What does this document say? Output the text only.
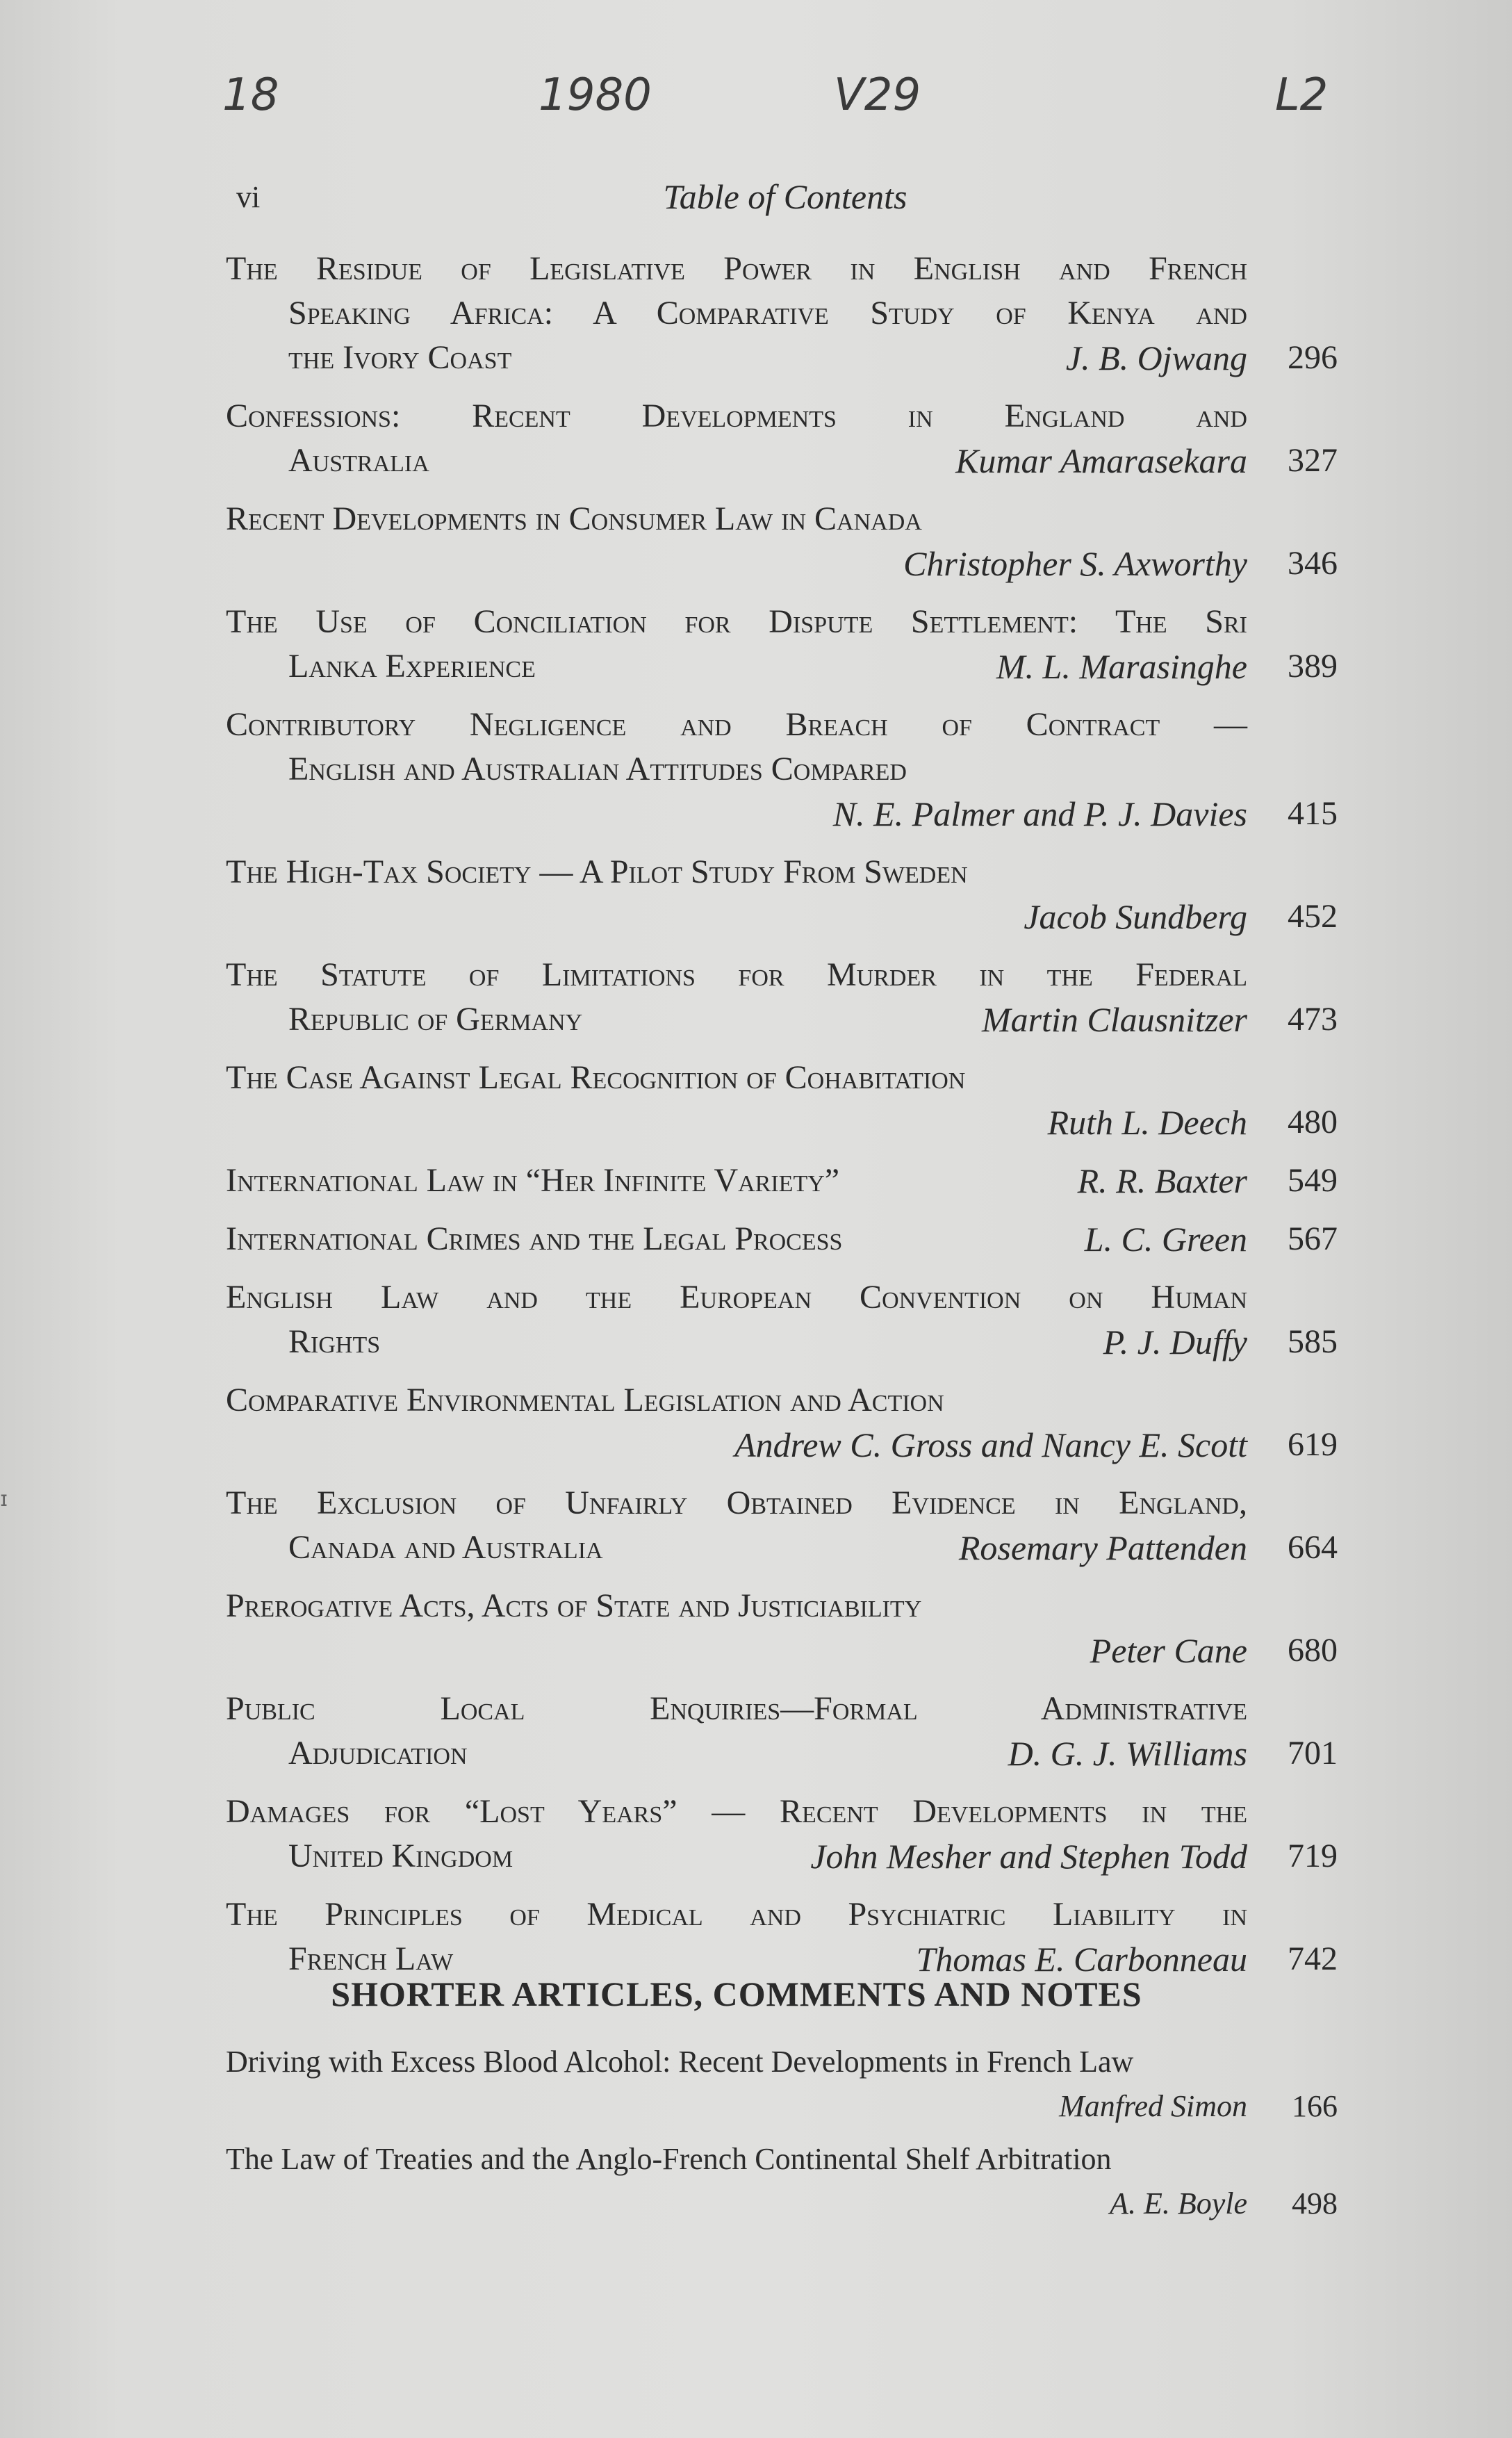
18	1980	V29	L2
vi	Table of Contents
The Residue of Legislative Power in English and French
Speaking Africa: A Comparative Study of Kenya and
the Ivory Coast	J. B. Ojwang	296
Confessions: Recent Developments in England and
Australia	Kumar Amarasekara	327
Recent Developments in Consumer Law in Canada
Christopher S. Axworthy	346
The Use of Conciliation for Dispute Settlement: The Sri
Lanka Experience	M. L. Marasinghe	389
Contributory Negligence and Breach of Contract —
English and Australian Attitudes Compared
N. E. Palmer and P. J. Davies	415
The High-Tax Society — A Pilot Study From Sweden
Jacob Sundberg	452
The Statute of Limitations for Murder in the Federal
Republic of Germany	Martin Clausnitzer	473
The Case Against Legal Recognition of Cohabitation
Ruth L. Deech	480
International Law in “Her Infinite Variety”	R. R. Baxter	549
International Crimes and the Legal Process	L. C. Green	567
English Law and the European Convention on Human
Rights	P. J. Duffy	585
Comparative Environmental Legislation and Action
Andrew C. Gross and Nancy E. Scott	619
The Exclusion of Unfairly Obtained Evidence in England,
Canada and Australia	Rosemary Pattenden	664
Prerogative Acts, Acts of State and Justiciability
Peter Cane	680
Public Local Enquiries—Formal Administrative
Adjudication	D. G. J. Williams	701
Damages for “Lost Years” — Recent Developments in the
United Kingdom	John Mesher and Stephen Todd	719
The Principles of Medical and Psychiatric Liability in
French Law	Thomas E. Carbonneau	742
SHORTER ARTICLES, COMMENTS AND NOTES
Driving with Excess Blood Alcohol: Recent Developments in French Law
Manfred Simon	166
The Law of Treaties and the Anglo-French Continental Shelf Arbitration
A. E. Boyle	498
ɪ
